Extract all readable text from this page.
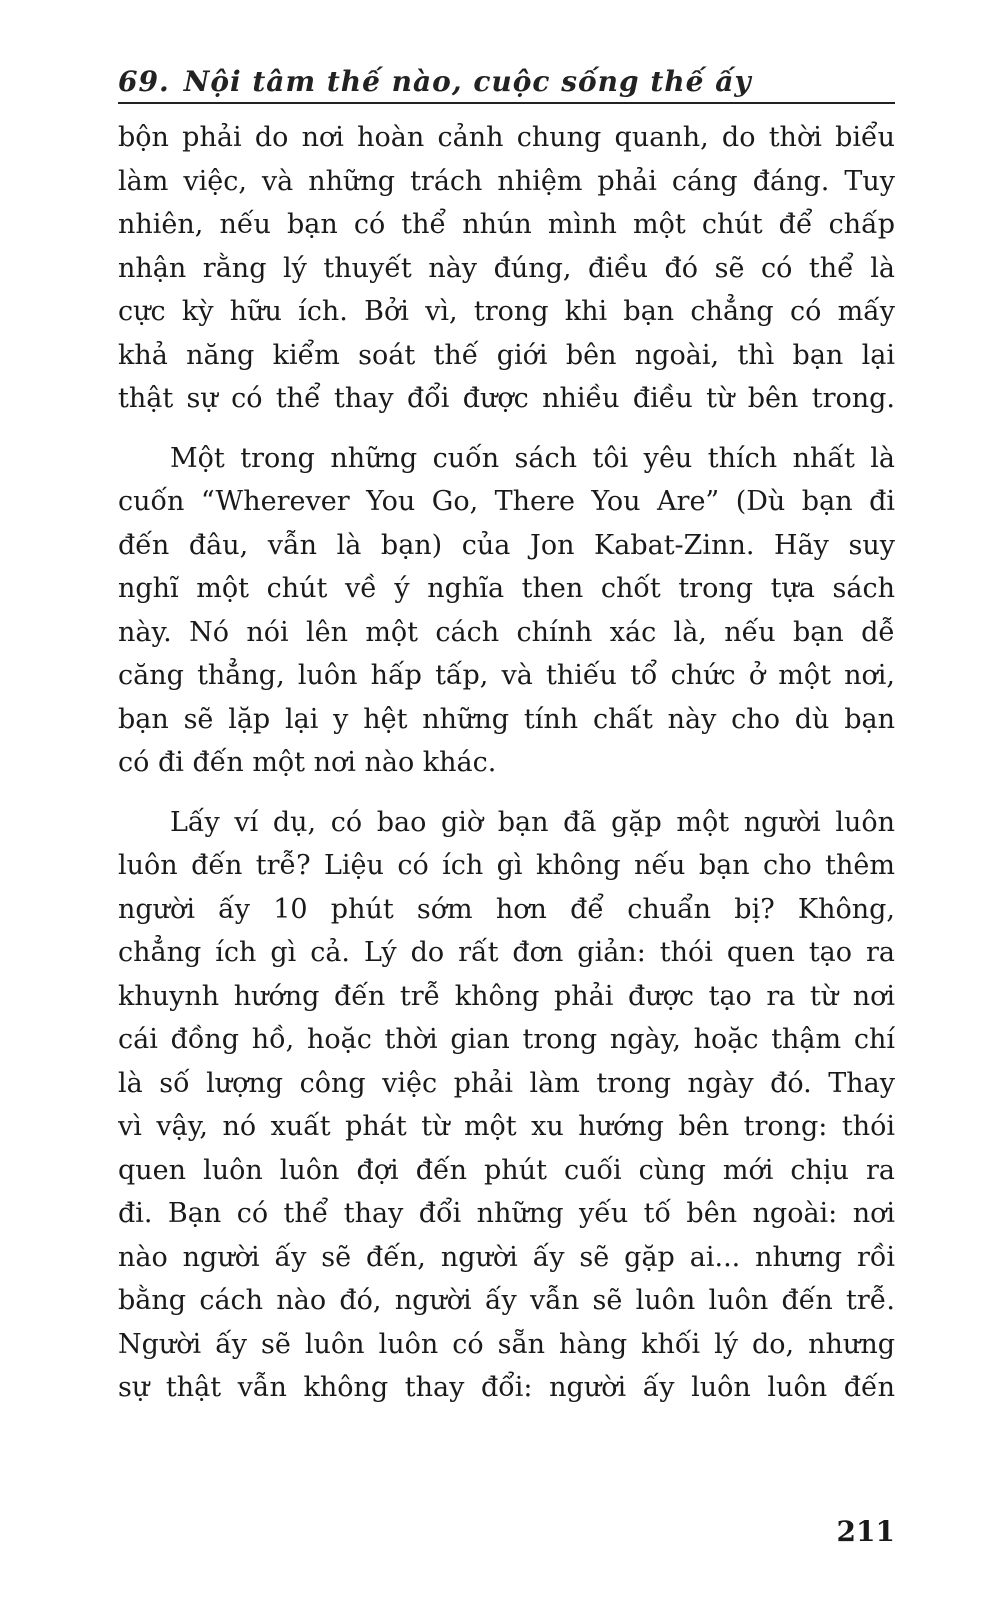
69. Nội tâm thế nào, cuộc sống thế ấy

bộn phải do nơi hoàn cảnh chung quanh, do thời biểu
làm việc, và những trách nhiệm phải cáng đáng. Tuy
nhiên, nếu bạn có thể nhún mình một chút để chấp
nhận rằng lý thuyết này đúng, điều đó sẽ có thể là
cực kỳ hữu ích. Bởi vì, trong khi bạn chẳng có mấy
khả năng kiểm soát thế giới bên ngoài, thì bạn lại
thật sự có thể thay đổi được nhiều điều từ bên trong.

Một trong những cuốn sách tôi yêu thích nhất là
cuốn “Wherever You Go, There You Are” (Dù bạn đi
đến đâu, vẫn là bạn) của Jon Kabat-Zinn. Hãy suy
nghĩ một chút về ý nghĩa then chốt trong tựa sách
này. Nó nói lên một cách chính xác là, nếu bạn dễ
căng thẳng, luôn hấp tấp, và thiếu tổ chức ở một nơi,
bạn sẽ lặp lại y hệt những tính chất này cho dù bạn
có đi đến một nơi nào khác.

Lấy ví dụ, có bao giờ bạn đã gặp một người luôn
luôn đến trễ? Liệu có ích gì không nếu bạn cho thêm
người ấy 10 phút sớm hơn để chuẩn bị? Không,
chẳng ích gì cả. Lý do rất đơn giản: thói quen tạo ra
khuynh hướng đến trễ không phải được tạo ra từ nơi
cái đồng hồ, hoặc thời gian trong ngày, hoặc thậm chí
là số lượng công việc phải làm trong ngày đó. Thay
vì vậy, nó xuất phát từ một xu hướng bên trong: thói
quen luôn luôn đợi đến phút cuối cùng mới chịu ra
đi. Bạn có thể thay đổi những yếu tố bên ngoài: nơi
nào người ấy sẽ đến, người ấy sẽ gặp ai... nhưng rồi
bằng cách nào đó, người ấy vẫn sẽ luôn luôn đến trễ.
Người ấy sẽ luôn luôn có sẵn hàng khối lý do, nhưng
sự thật vẫn không thay đổi: người ấy luôn luôn đến

211
